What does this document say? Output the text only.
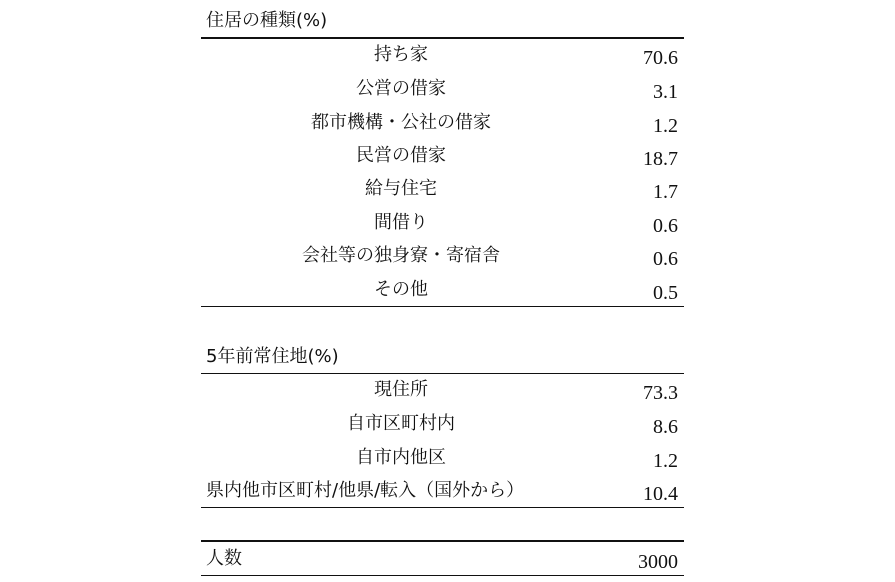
住居の種類(%)
持ち家	70.6
公営の借家	3.1
都市機構・公社の借家	1.2
民営の借家	18.7
給与住宅	1.7
間借り	0.6
会社等の独身寮・寄宿舎	0.6
その他	0.5
5年前常住地(%)
現住所	73.3
自市区町村内	8.6
自市内他区	1.2
県内他市区町村/他県/転入（国外から）	10.4
人数	3000
